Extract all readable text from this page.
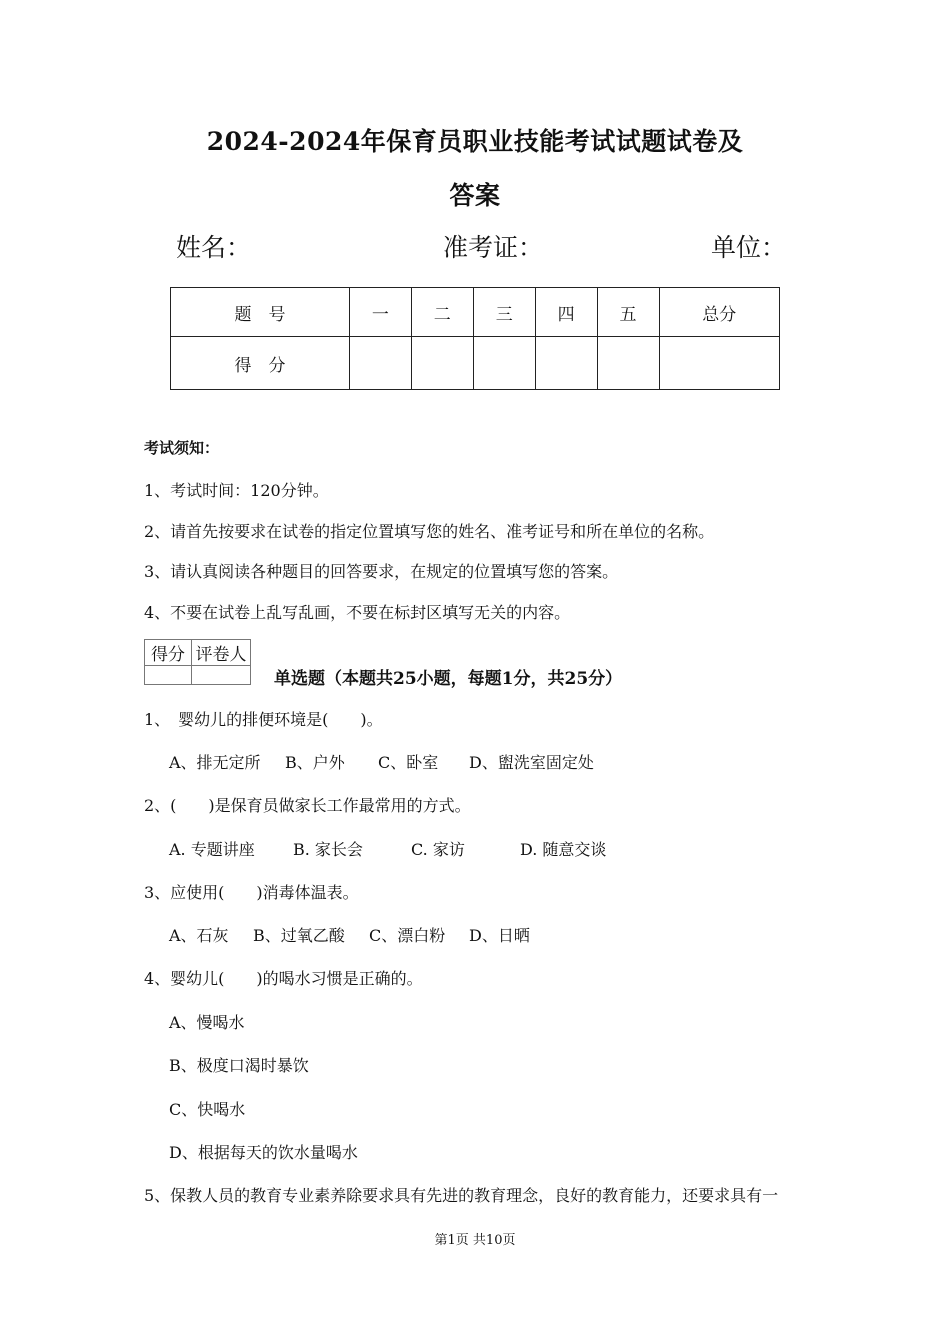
2024-2024年保育员职业技能考试试题试卷及
答案
姓名：	准考证：	单位：
题　号	一	二	三	四	五	总分
得　分						
考试须知：
1、考试时间：120分钟。
2、请首先按要求在试卷的指定位置填写您的姓名、准考证号和所在单位的名称。
3、请认真阅读各种题目的回答要求，在规定的位置填写您的答案。
4、不要在试卷上乱写乱画，不要在标封区填写无关的内容。
得分	评卷人

单选题（本题共25小题，每题1分，共25分）
1、　婴幼儿的排便环境是(　　)。
A、排无定所 B、户外 C、卧室 D、盥洗室固定处
2、(　　)是保育员做家长工作最常用的方式。
A. 专题讲座 B. 家长会	C. 家访	D. 随意交谈
3、应使用(　　)消毒体温表。
A、石灰 B、过氧乙酸 C、漂白粉 D、日晒
4、婴幼儿(　　)的喝水习惯是正确的。
A、慢喝水
B、极度口渴时暴饮
C、快喝水
D、根据每天的饮水量喝水
5、保教人员的教育专业素养除要求具有先进的教育理念，良好的教育能力，还要求具有一
第1页 共10页
